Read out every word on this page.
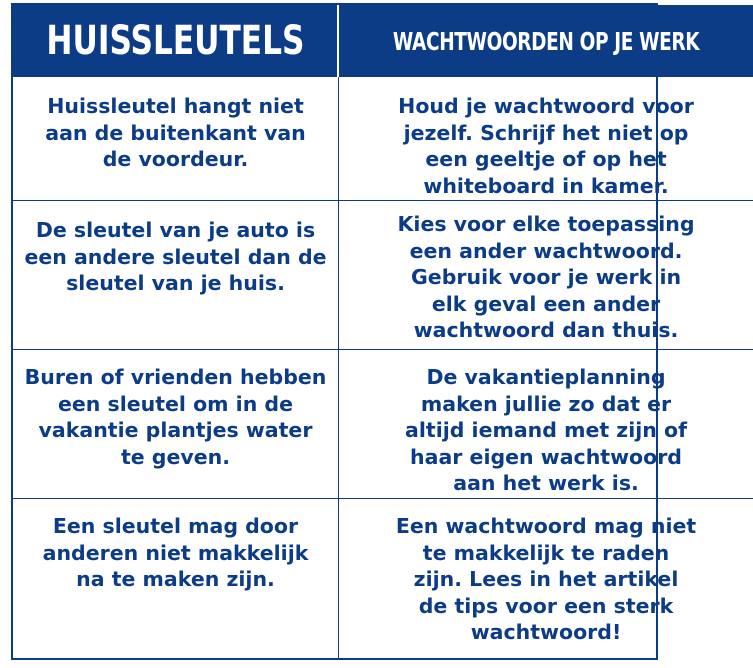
HUISSLEUTELS	WACHTWOORDEN OP JE WERK
Huissleutel hangt niet
aan de buitenkant van
de voordeur.
Houd je wachtwoord voor
jezelf. Schrijf het niet op
een geeltje of op het
whiteboard in kamer.
De sleutel van je auto is
een andere sleutel dan de
sleutel van je huis.
Kies voor elke toepassing
een ander wachtwoord.
Gebruik voor je werk in
elk geval een ander
wachtwoord dan thuis.
Buren of vrienden hebben
een sleutel om in de
vakantie plantjes water
te geven.
De vakantieplanning
maken jullie zo dat er
altijd iemand met zijn of
haar eigen wachtwoord
aan het werk is.
Een sleutel mag door
anderen niet makkelijk
na te maken zijn.
Een wachtwoord mag niet
te makkelijk te raden
zijn. Lees in het artikel
de tips voor een sterk
wachtwoord!
